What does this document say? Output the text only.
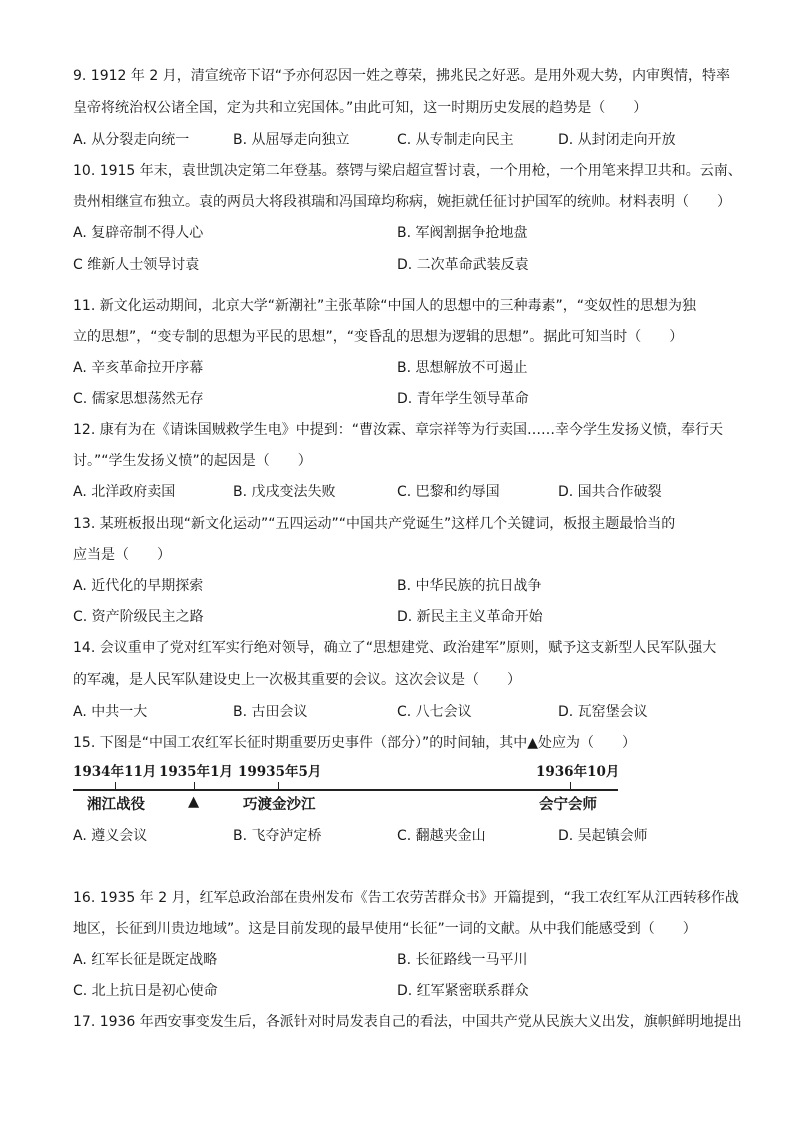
9. 1912 年 2 月，清宣统帝下诏“予亦何忍因一姓之尊荣，拂兆民之好恶。是用外观大势，内审舆情，特率
皇帝将统治权公诸全国，定为共和立宪国体。”由此可知，这一时期历史发展的趋势是（　　）
A. 从分裂走向统一	B. 从屈辱走向独立	C. 从专制走向民主	D. 从封闭走向开放
10. 1915 年末，袁世凯决定第二年登基。蔡锷与梁启超宣誓讨袁，一个用枪，一个用笔来捍卫共和。云南、
贵州相继宣布独立。袁的两员大将段祺瑞和冯国璋均称病，婉拒就任征讨护国军的统帅。材料表明（　　）
A. 复辟帝制不得人心	B. 军阀割据争抢地盘
C 维新人士领导讨袁	D. 二次革命武装反袁
11. 新文化运动期间，北京大学“新潮社”主张革除“中国人的思想中的三种毒素”，“变奴性的思想为独
立的思想”，“变专制的思想为平民的思想”，“变昏乱的思想为逻辑的思想”。据此可知当时（　　）
A. 辛亥革命拉开序幕	B. 思想解放不可遏止
C. 儒家思想荡然无存	D. 青年学生领导革命
12. 康有为在《请诛国贼救学生电》中提到：“曹汝霖、章宗祥等为行卖国……幸今学生发扬义愤，奉行天
讨。”“学生发扬义愤”的起因是（　　）
A. 北洋政府卖国	B. 戊戌变法失败	C. 巴黎和约辱国	D. 国共合作破裂
13. 某班板报出现“新文化运动”“五四运动”“中国共产党诞生”这样几个关键词，板报主题最恰当的
应当是（　　）
A. 近代化的早期探索	B. 中华民族的抗日战争
C. 资产阶级民主之路	D. 新民主主义革命开始
14. 会议重申了党对红军实行绝对领导，确立了“思想建党、政治建军”原则，赋予这支新型人民军队强大
的军魂，是人民军队建设史上一次极其重要的会议。这次会议是（　　）
A. 中共一大	B. 古田会议	C. 八七会议	D. 瓦窑堡会议
15. 下图是“中国工农红军长征时期重要历史事件（部分）”的时间轴，其中▲处应为（　　）
1934年11月 1935年1月 19935年5月	1936年10月
湘江战役	▲	巧渡金沙江	会宁会师
A. 遵义会议	B. 飞夺泸定桥	C. 翻越夹金山	D. 吴起镇会师
16. 1935 年 2 月，红军总政治部在贵州发布《告工农劳苦群众书》开篇提到，“我工农红军从江西转移作战
地区，长征到川贵边地域”。这是目前发现的最早使用“长征”一词的文献。从中我们能感受到（　　）
A. 红军长征是既定战略	B. 长征路线一马平川
C. 北上抗日是初心使命	D. 红军紧密联系群众
17. 1936 年西安事变发生后，各派针对时局发表自己的看法，中国共产党从民族大义出发，旗帜鲜明地提出
